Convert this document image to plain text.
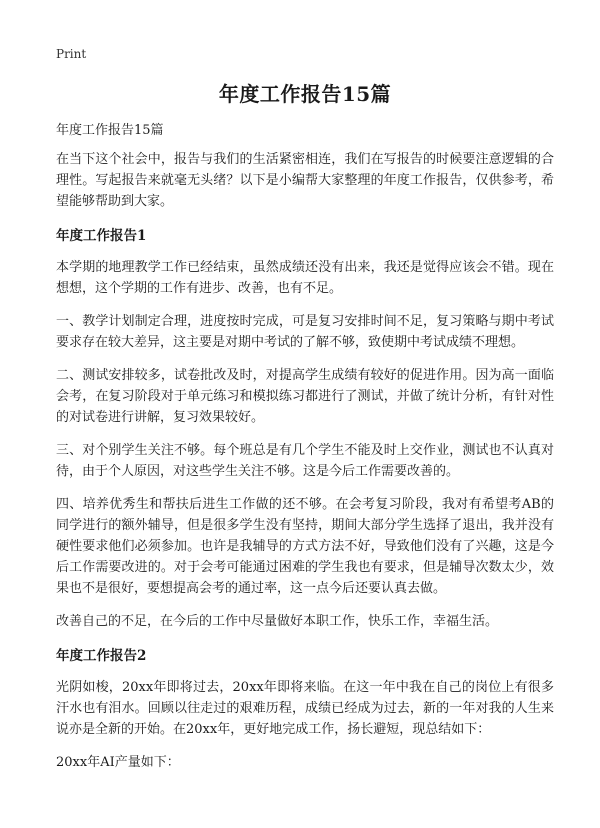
Print
年度工作报告15篇

年度工作报告15篇

在当下这个社会中，报告与我们的生活紧密相连，我们在写报告的时候要注意逻辑的合理性。写起报告来就毫无头绪？以下是小编帮大家整理的年度工作报告，仅供参考，希望能够帮助到大家。

年度工作报告1

本学期的地理教学工作已经结束，虽然成绩还没有出来，我还是觉得应该会不错。现在想想，这个学期的工作有进步、改善，也有不足。

一、教学计划制定合理，进度按时完成，可是复习安排时间不足，复习策略与期中考试要求存在较大差异，这主要是对期中考试的了解不够，致使期中考试成绩不理想。

二、测试安排较多，试卷批改及时，对提高学生成绩有较好的促进作用。因为高一面临会考，在复习阶段对于单元练习和模拟练习都进行了测试，并做了统计分析，有针对性的对试卷进行讲解，复习效果较好。

三、对个别学生关注不够。每个班总是有几个学生不能及时上交作业，测试也不认真对待，由于个人原因，对这些学生关注不够。这是今后工作需要改善的。

四、培养优秀生和帮扶后进生工作做的还不够。在会考复习阶段，我对有希望考AB的同学进行的额外辅导，但是很多学生没有坚持，期间大部分学生选择了退出，我并没有硬性要求他们必须参加。也许是我辅导的方式方法不好，导致他们没有了兴趣，这是今后工作需要改进的。对于会考可能通过困难的学生我也有要求，但是辅导次数太少，效果也不是很好，要想提高会考的通过率，这一点今后还要认真去做。

改善自己的不足，在今后的工作中尽量做好本职工作，快乐工作，幸福生活。

年度工作报告2

光阴如梭，20xx年即将过去，20xx年即将来临。在这一年中我在自己的岗位上有很多汗水也有泪水。回顾以往走过的艰难历程，成绩已经成为过去，新的一年对我的人生来说亦是全新的开始。在20xx年，更好地完成工作，扬长避短，现总结如下：

20xx年AI产量如下：
